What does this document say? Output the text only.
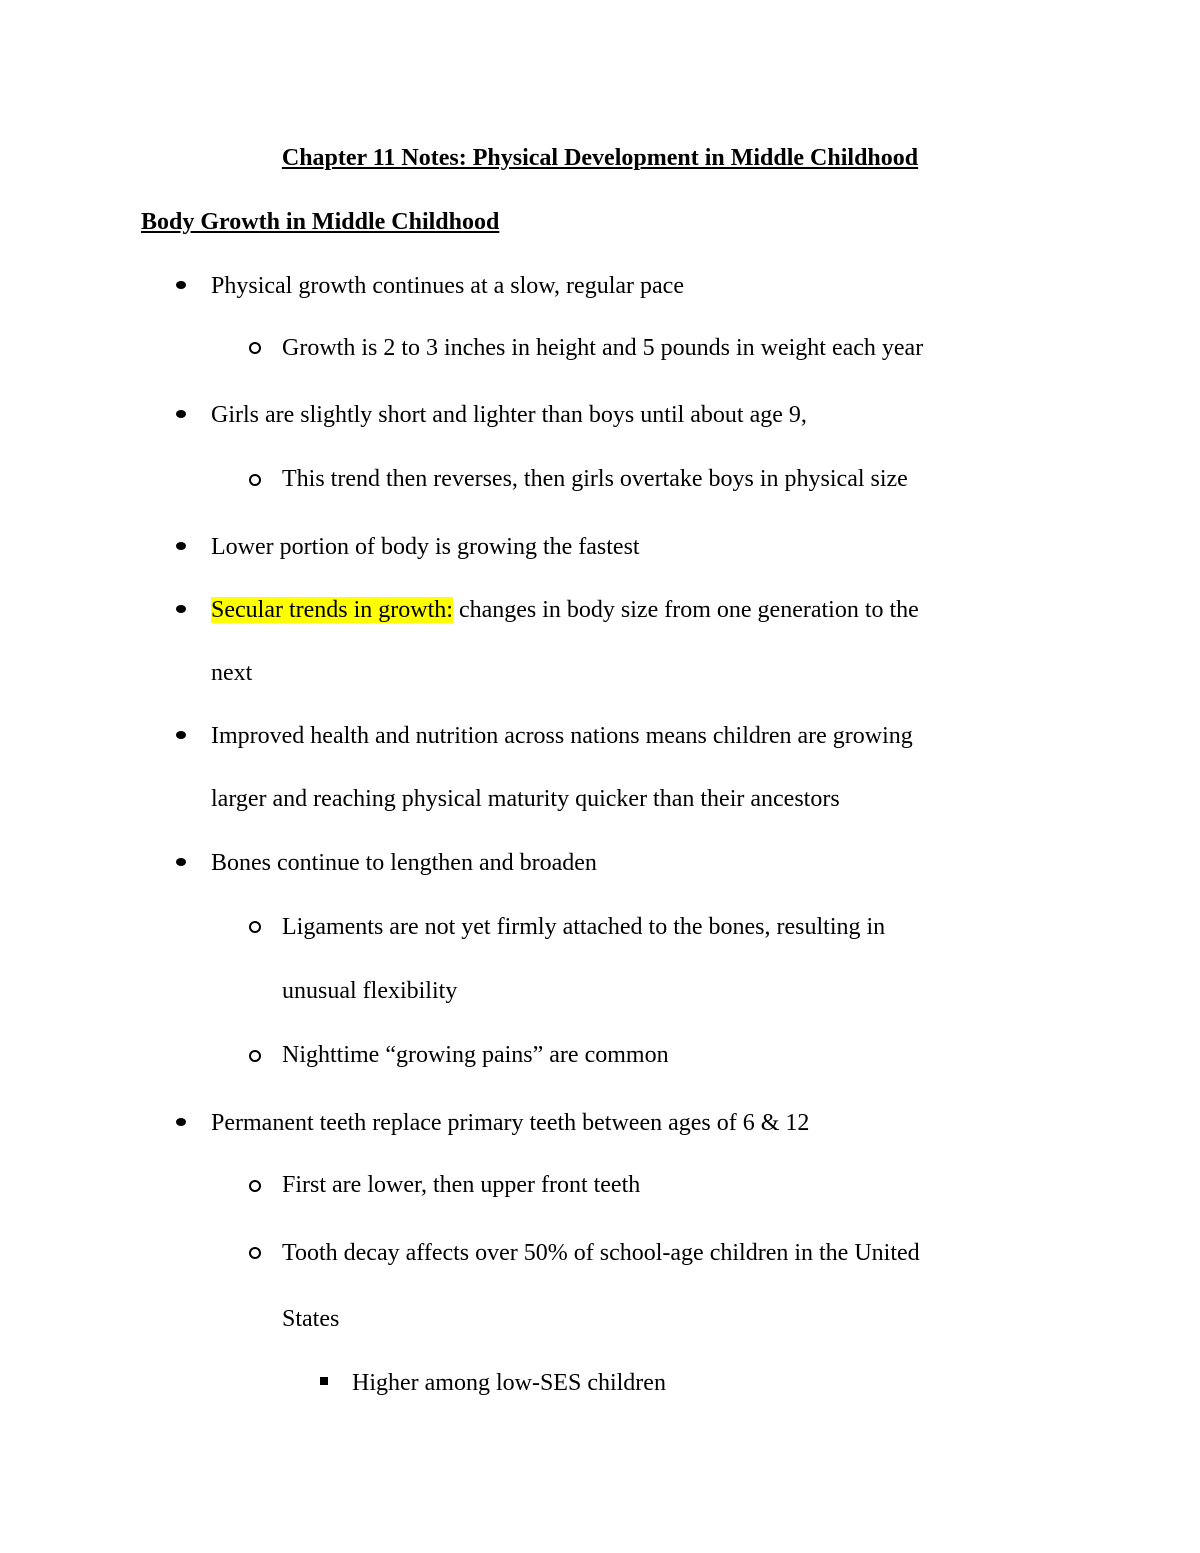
Chapter 11 Notes: Physical Development in Middle Childhood
Body Growth in Middle Childhood
Physical growth continues at a slow, regular pace
Growth is 2 to 3 inches in height and 5 pounds in weight each year
Girls are slightly short and lighter than boys until about age 9,
This trend then reverses, then girls overtake boys in physical size
Lower portion of body is growing the fastest
Secular trends in growth: changes in body size from one generation to the
next
Improved health and nutrition across nations means children are growing
larger and reaching physical maturity quicker than their ancestors
Bones continue to lengthen and broaden
Ligaments are not yet firmly attached to the bones, resulting in
unusual flexibility
Nighttime “growing pains” are common
Permanent teeth replace primary teeth between ages of 6 & 12
First are lower, then upper front teeth
Tooth decay affects over 50% of school-age children in the United
States
Higher among low-SES children
